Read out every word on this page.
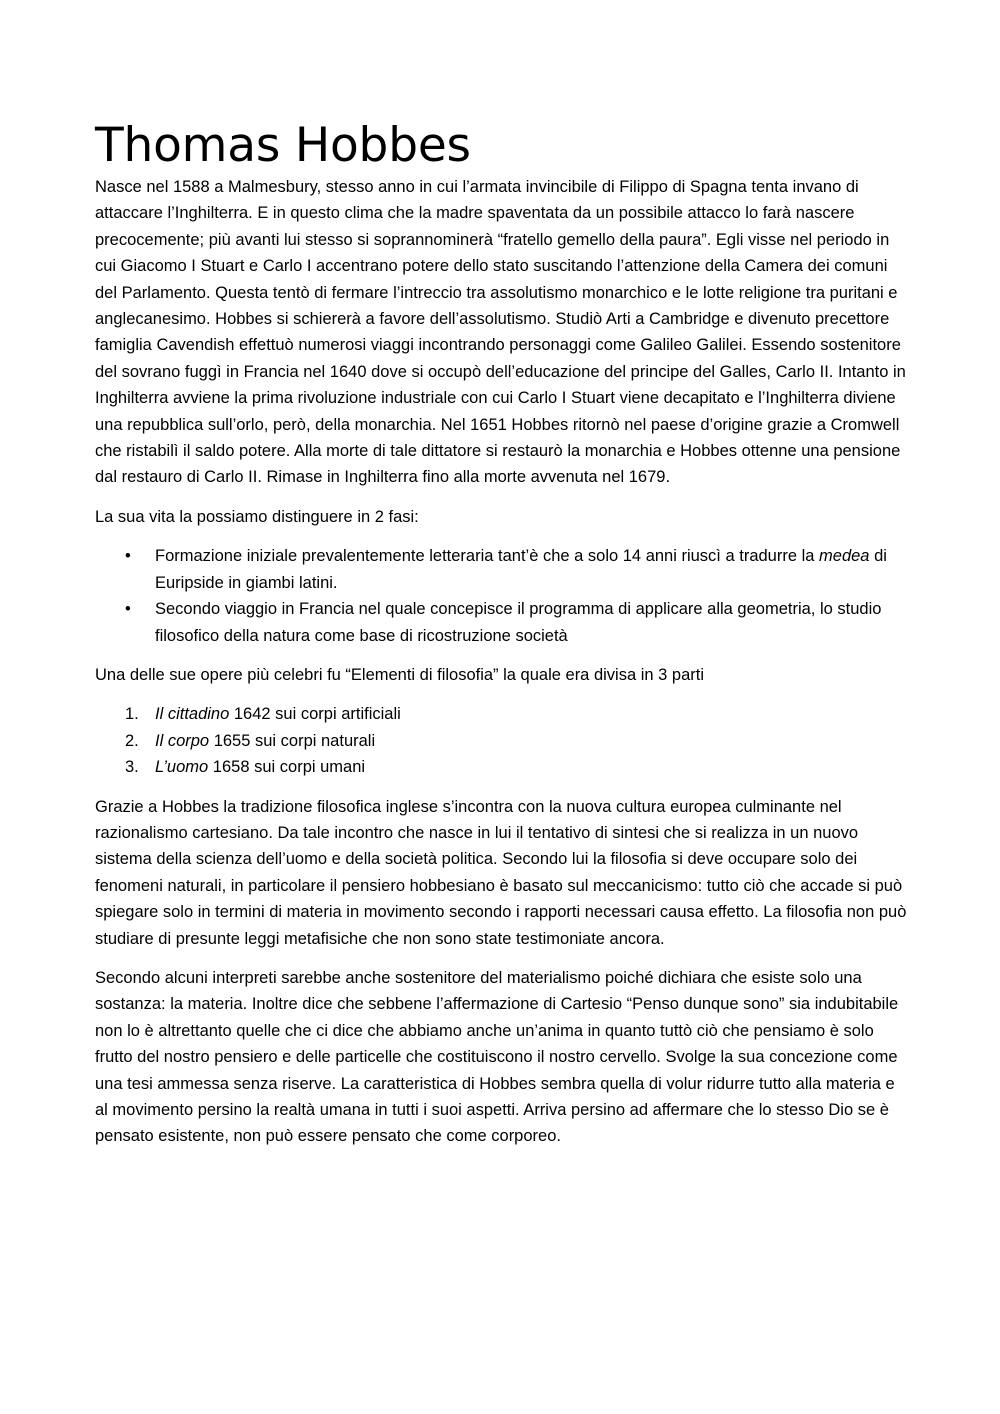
Thomas Hobbes

Nasce nel 1588 a Malmesbury, stesso anno in cui l’armata invincibile di Filippo di Spagna tenta invano di attaccare l’Inghilterra. E in questo clima che la madre spaventata da un possibile attacco lo farà nascere precocemente; più avanti lui stesso si soprannominerà “fratello gemello della paura”. Egli visse nel periodo in cui Giacomo I Stuart e Carlo I accentrano potere dello stato suscitando l’attenzione della Camera dei comuni del Parlamento. Questa tentò di fermare l’intreccio tra assolutismo monarchico e le lotte religione tra puritani e anglecanesimo. Hobbes si schiererà a favore dell’assolutismo. Studiò Arti a Cambridge e divenuto precettore famiglia Cavendish effettuò numerosi viaggi incontrando personaggi come Galileo Galilei. Essendo sostenitore del sovrano fuggì in Francia nel 1640 dove si occupò dell’educazione del principe del Galles, Carlo II. Intanto in Inghilterra avviene la prima rivoluzione industriale con cui Carlo I Stuart viene decapitato e l’Inghilterra diviene una repubblica sull’orlo, però, della monarchia. Nel 1651 Hobbes ritornò nel paese d’origine grazie a Cromwell che ristabilì il saldo potere. Alla morte di tale dittatore si restaurò la monarchia e Hobbes ottenne una pensione dal restauro di Carlo II. Rimase in Inghilterra fino alla morte avvenuta nel 1679.

La sua vita la possiamo distinguere in 2 fasi:

• Formazione iniziale prevalentemente letteraria tant’è che a solo 14 anni riuscì a tradurre la medea di Euripside in giambi latini.
• Secondo viaggio in Francia nel quale concepisce il programma di applicare alla geometria, lo studio filosofico della natura come base di ricostruzione società

Una delle sue opere più celebri fu “Elementi di filosofia” la quale era divisa in 3 parti

1. Il cittadino 1642 sui corpi artificiali
2. Il corpo 1655 sui corpi naturali
3. L’uomo 1658 sui corpi umani

Grazie a Hobbes la tradizione filosofica inglese s’incontra con la nuova cultura europea culminante nel razionalismo cartesiano. Da tale incontro che nasce in lui il tentativo di sintesi che si realizza in un nuovo sistema della scienza dell’uomo e della società politica. Secondo lui la filosofia si deve occupare solo dei fenomeni naturali, in particolare il pensiero hobbesiano è basato sul meccanicismo: tutto ciò che accade si può spiegare solo in termini di materia in movimento secondo i rapporti necessari causa effetto. La filosofia non può studiare di presunte leggi metafisiche che non sono state testimoniate ancora.

Secondo alcuni interpreti sarebbe anche sostenitore del materialismo poiché dichiara che esiste solo una sostanza: la materia. Inoltre dice che sebbene l’affermazione di Cartesio “Penso dunque sono” sia indubitabile non lo è altrettanto quelle che ci dice che abbiamo anche un’anima in quanto tuttò ciò che pensiamo è solo frutto del nostro pensiero e delle particelle che costituiscono il nostro cervello. Svolge la sua concezione come una tesi ammessa senza riserve. La caratteristica di Hobbes sembra quella di volur ridurre tutto alla materia e al movimento persino la realtà umana in tutti i suoi aspetti. Arriva persino ad affermare che lo stesso Dio se è pensato esistente, non può essere pensato che come corporeo.
